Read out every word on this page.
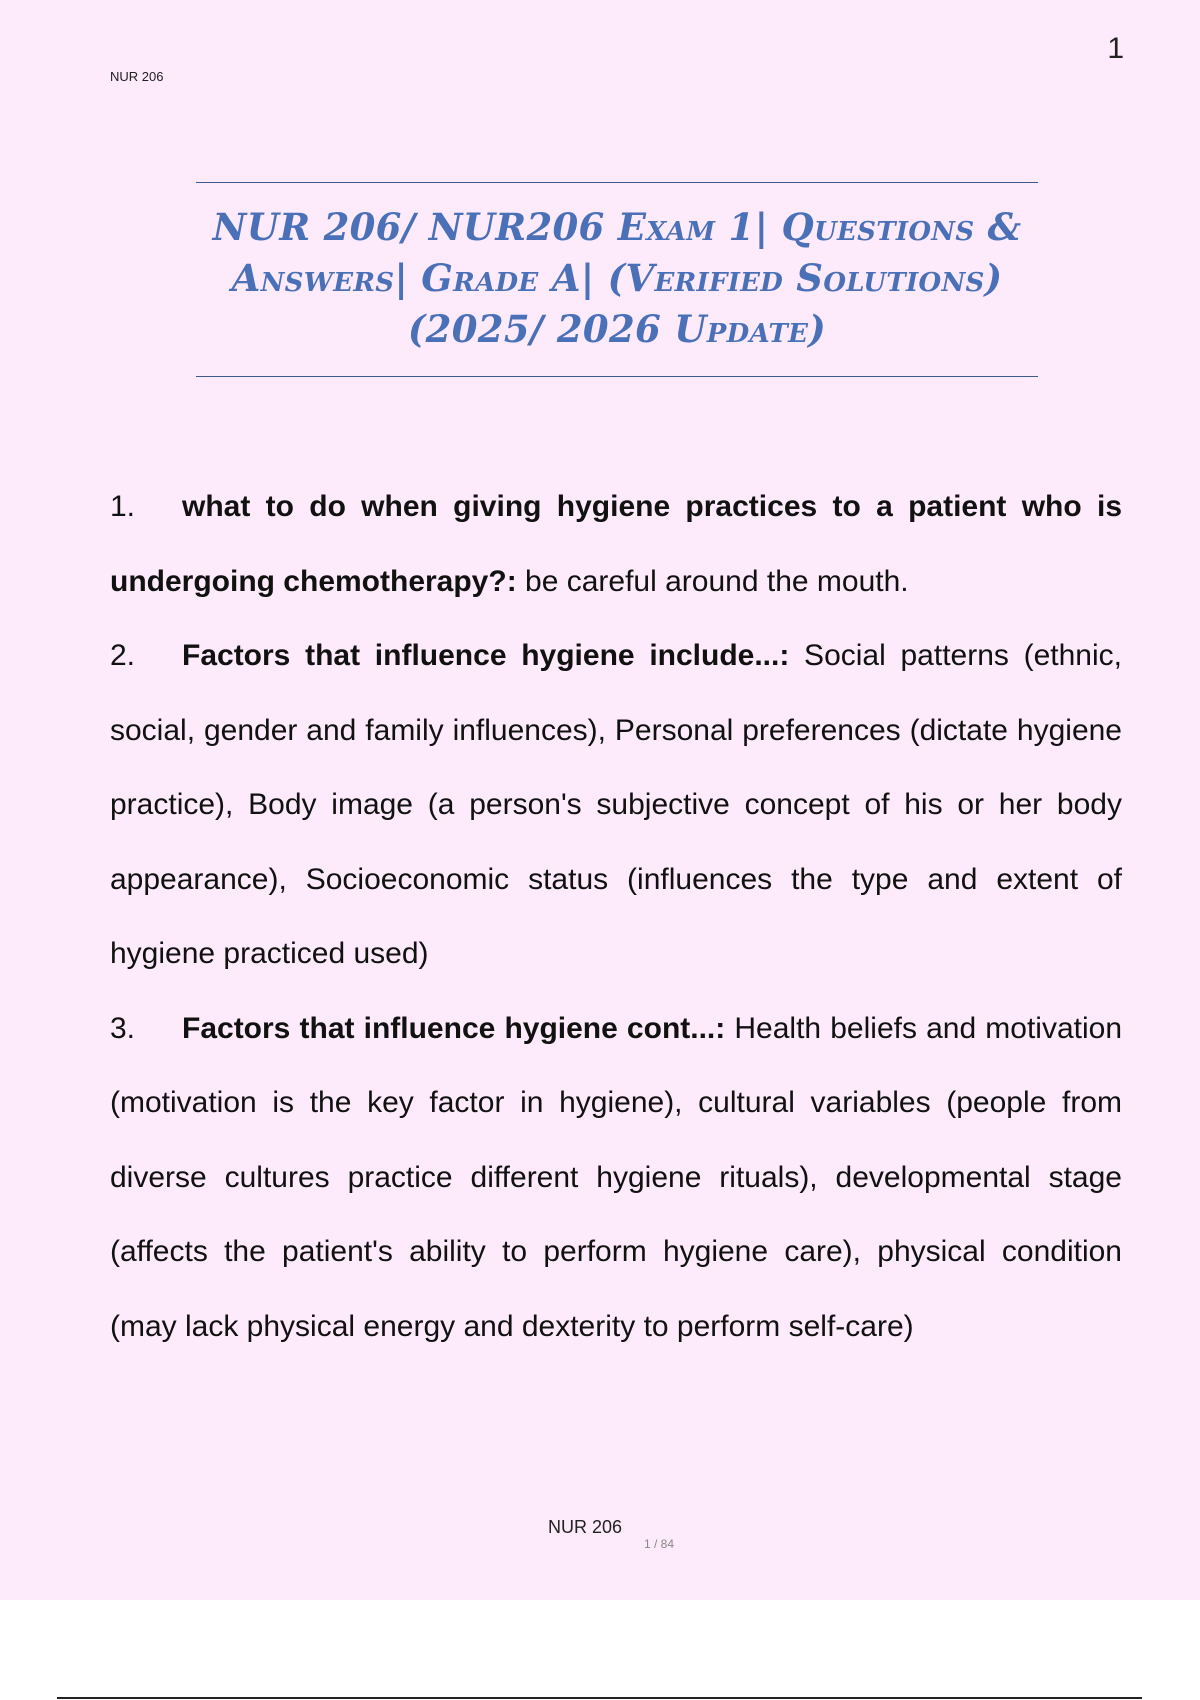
NUR 206
1
NUR 206/ NUR206 Exam 1| Questions &
Answers| Grade A| (Verified Solutions)
(2025/ 2026 Update)

1. what to do when giving hygiene practices to a patient who is undergoing chemotherapy?: be careful around the mouth.

2. Factors that influence hygiene include...: Social patterns (ethnic, social, gender and family influences), Personal preferences (dictate hygiene practice), Body image (a person's subjective concept of his or her body appearance), Socioeconomic status (influences the type and extent of hygiene practiced used)

3. Factors that influence hygiene cont...: Health beliefs and motivation (motivation is the key factor in hygiene), cultural variables (people from diverse cultures practice different hygiene rituals), developmental stage (affects the patient's ability to perform hygiene care), physical condition (may lack physical energy and dexterity to perform self-care)

NUR 206
1 / 84
